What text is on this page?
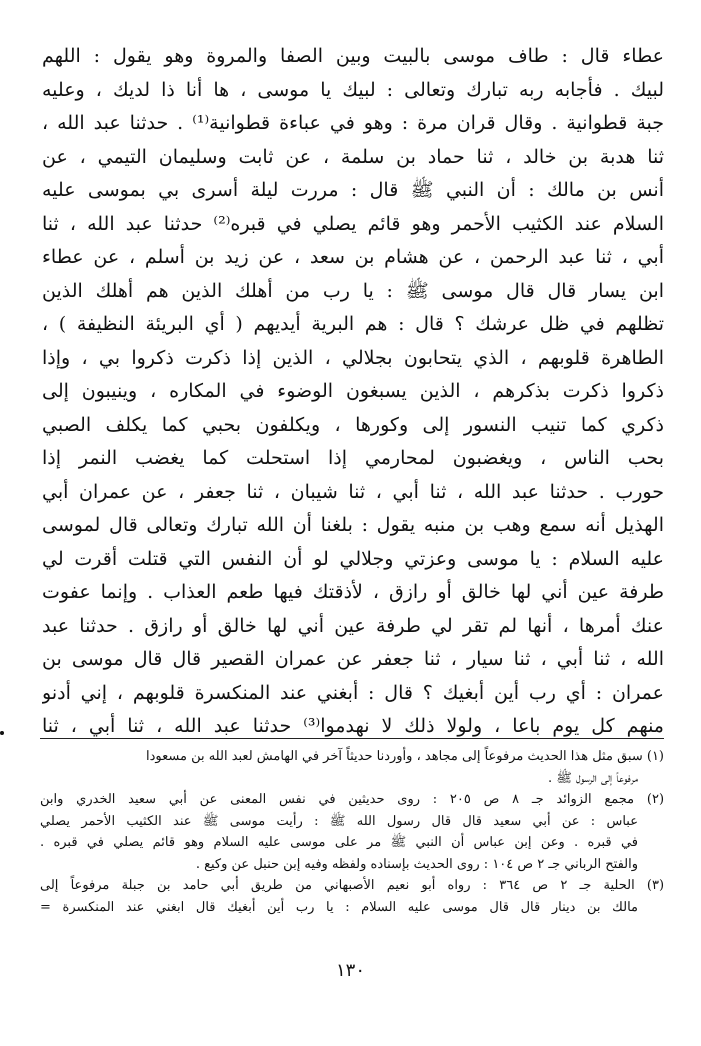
عطاء قال : طاف موسى بالبيت وبين الصفا والمروة وهو يقول : اللهم
لبيك . فأجابه ربه تبارك وتعالى : لبيك يا موسى ، ها أنا ذا لديك ، وعليه
جبة قطوانية . وقال قران مرة : وهو في عباءة قطوانية⁽¹⁾ . حدثنا عبد الله ،
ثنا هدبة بن خالد ، ثنا حماد بن سلمة ، عن ثابت وسليمان التيمي ، عن
أنس بن مالك : أن النبي ﷺ قال : مررت ليلة أسرى بي بموسى عليه
السلام عند الكثيب الأحمر وهو قائم يصلي في قبره⁽²⁾ حدثنا عبد الله ، ثنا
أبي ، ثنا عبد الرحمن ، عن هشام بن سعد ، عن زيد بن أسلم ، عن عطاء
ابن يسار قال قال موسى ﷺ : يا رب من أهلك الذين هم أهلك الذين
تظلهم في ظل عرشك ؟ قال : هم البرية أيديهم ( أي البريئة النظيفة ) ،
الطاهرة قلوبهم ، الذي يتحابون بجلالي ، الذين إذا ذكرت ذكروا بي ، وإذا
ذكروا ذكرت بذكرهم ، الذين يسبغون الوضوء في المكاره ، وينيبون إلى
ذكري كما تنيب النسور إلى وكورها ، ويكلفون بحبي كما يكلف الصبي
بحب الناس ، ويغضبون لمحارمي إذا استحلت كما يغضب النمر إذا
حورب . حدثنا عبد الله ، ثنا أبي ، ثنا شيبان ، ثنا جعفر ، عن عمران أبي
الهذيل أنه سمع وهب بن منبه يقول : بلغنا أن الله تبارك وتعالى قال لموسى
عليه السلام : يا موسى وعزتي وجلالي لو أن النفس التي قتلت أقرت لي
طرفة عين أني لها خالق أو رازق ، لأذقتك فيها طعم العذاب . وإنما عفوت
عنك أمرها ، أنها لم تقر لي طرفة عين أني لها خالق أو رازق . حدثنا عبد
الله ، ثنا أبي ، ثنا سيار ، ثنا جعفر عن عمران القصير قال قال موسى بن
عمران : أي رب أين أبغيك ؟ قال : أبغني عند المنكسرة قلوبهم ، إني أدنو
منهم كل يوم باعا ، ولولا ذلك لا نهدموا⁽³⁾ حدثنا عبد الله ، ثنا أبي ، ثنا
(١) سبق مثل هذا الحديث مرفوعاً إلى مجاهد ، وأوردنا حديثاً آخر في الهامش لعبد الله بن مسعودا
مرفوعاً إلى الرسول ﷺ .
(٢) مجمع الزوائد جـ ٨ ص ٢٠٥ : روى حديثين في نفس المعنى عن أبي سعيد الخدري وابن
عباس : عن أبي سعيد قال قال رسول الله ﷺ : رأيت موسى ﷺ عند الكثيب الأحمر يصلي
في قبره . وعن إبن عباس أن النبي ﷺ مر على موسى عليه السلام وهو قائم يصلي في قبره .
والفتح الرباني جـ ٢ ص ١٠٤ : روى الحديث بإسناده ولفظه وفيه إبن حنبل عن وكيع .
(٣) الحلية جـ ٢ ص ٣٦٤ : رواه أبو نعيم الأصبهاني من طريق أبي حامد بن جبلة مرفوعاً إلى
مالك بن دينار قال قال موسى عليه السلام : يا رب أين أبغيك قال ابغني عند المنكسرة =
١٣٠
